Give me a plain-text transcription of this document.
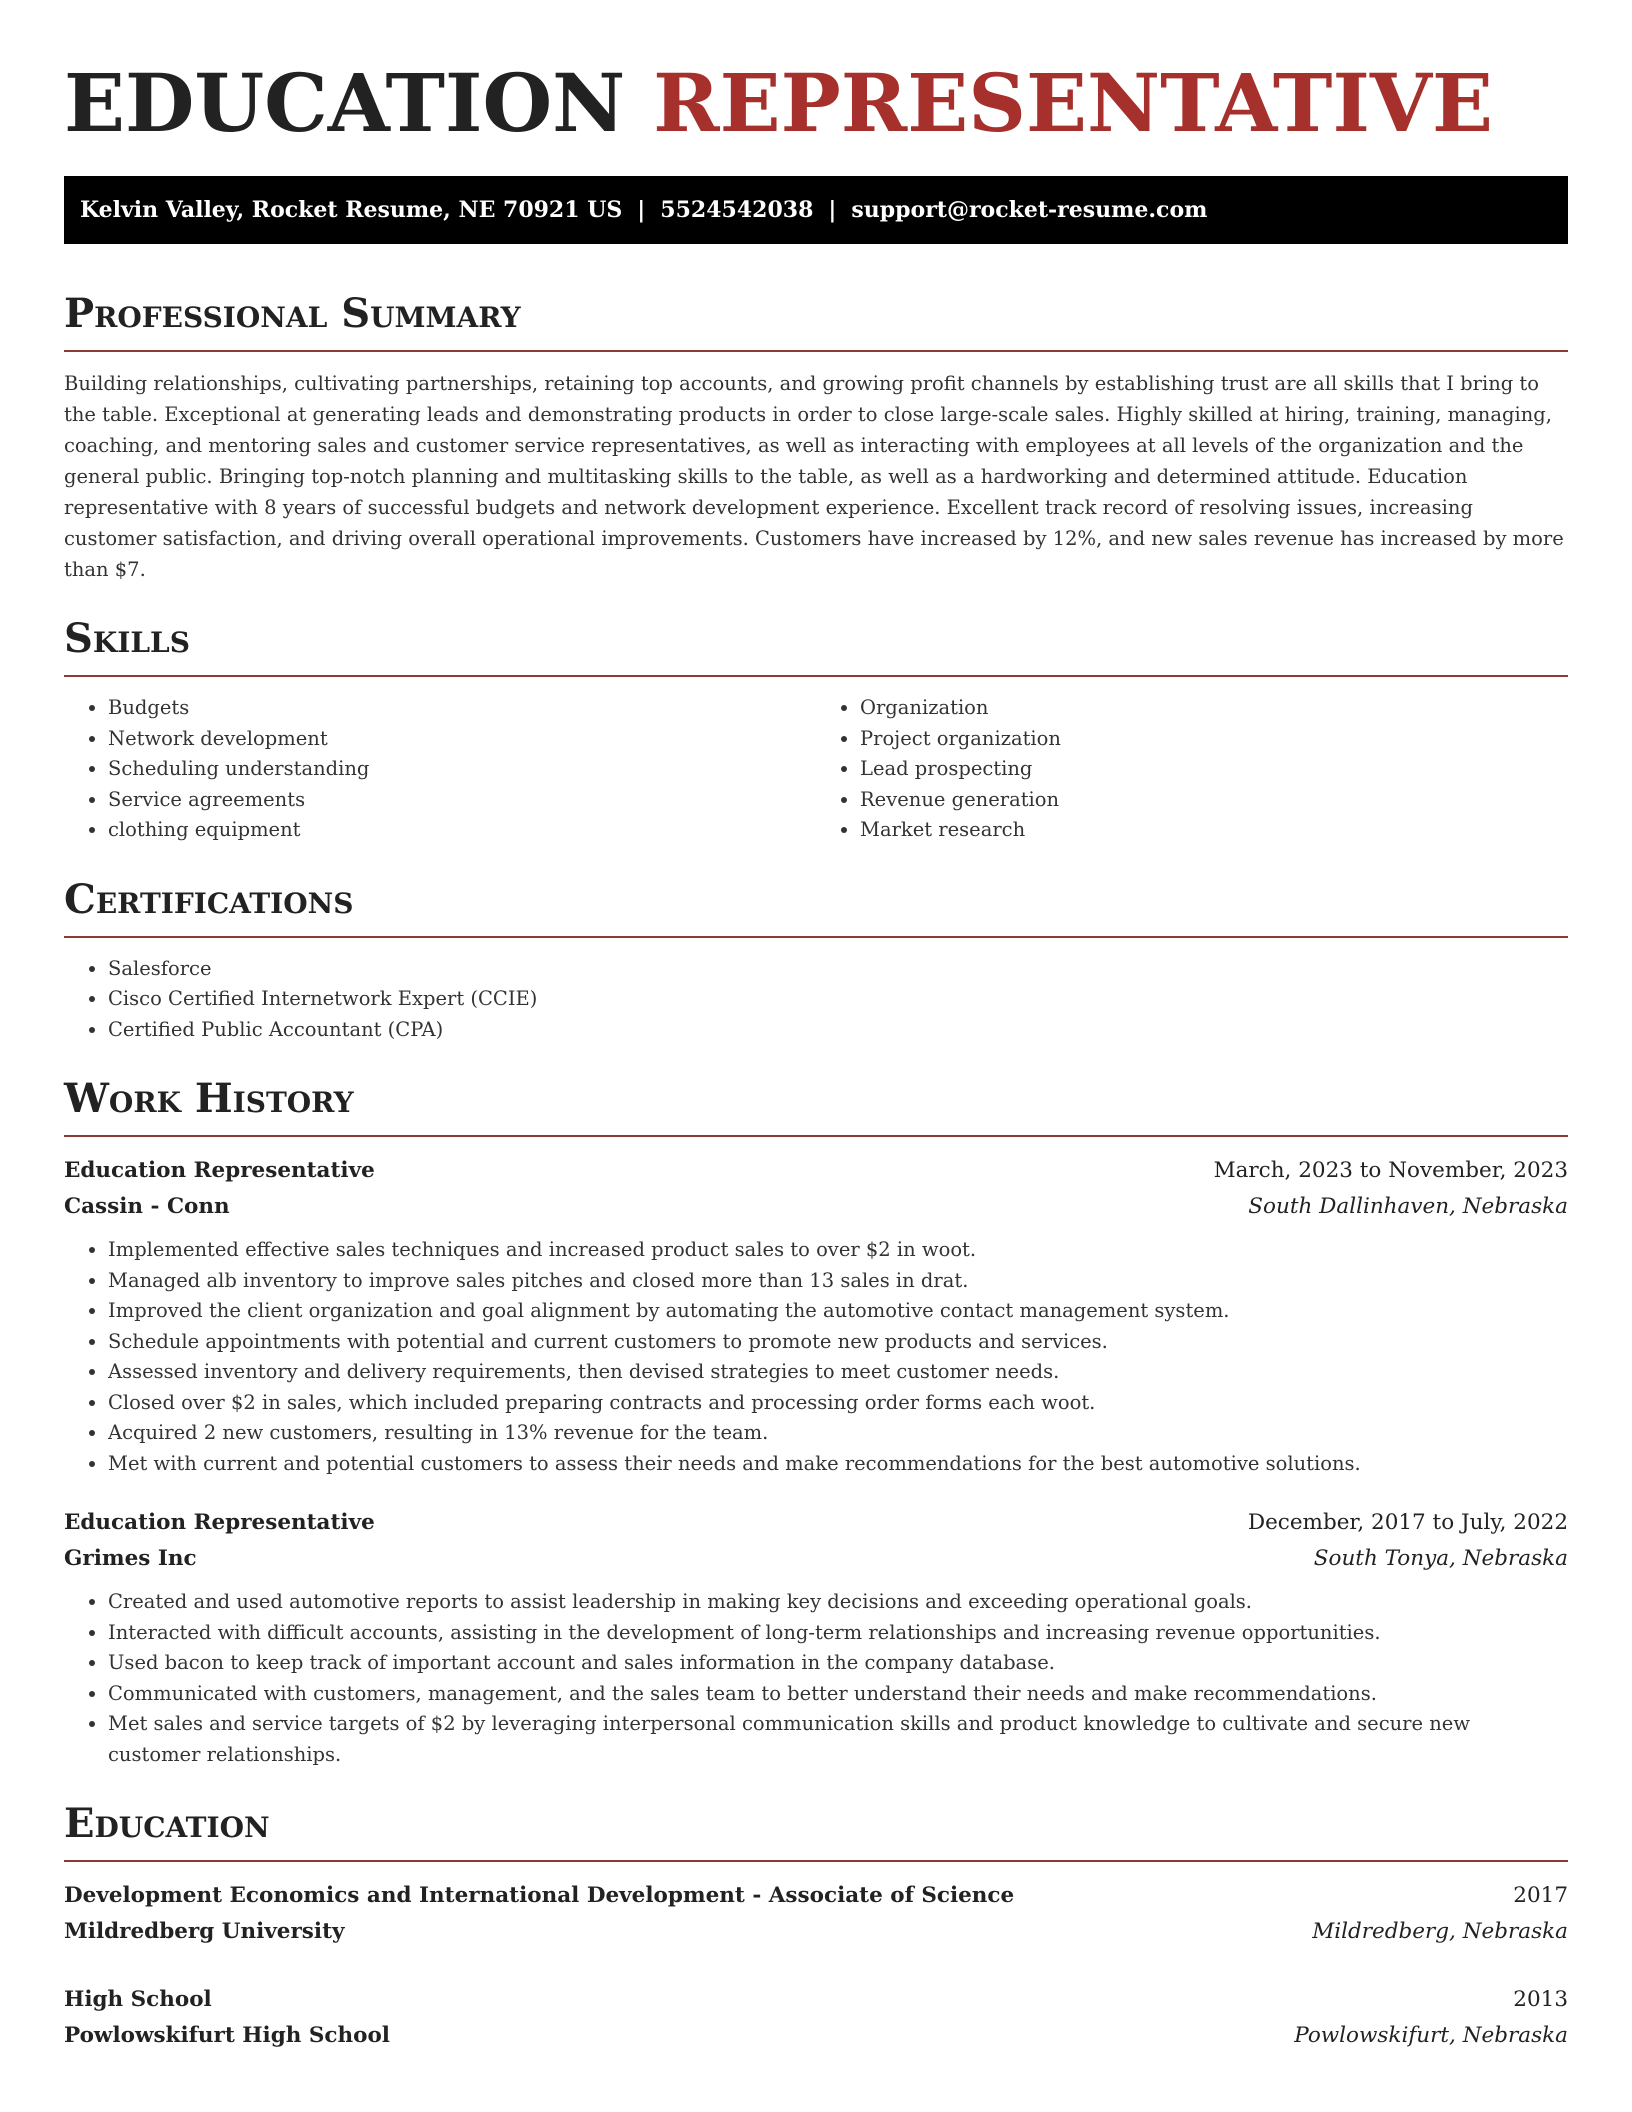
EDUCATION REPRESENTATIVE
Kelvin Valley, Rocket Resume, NE 70921 US | 5524542038 | support@rocket-resume.com
Professional Summary

Building relationships, cultivating partnerships, retaining top accounts, and growing profit channels by establishing trust are all skills that I bring to the table. Exceptional at generating leads and demonstrating products in order to close large-scale sales. Highly skilled at hiring, training, managing, coaching, and mentoring sales and customer service representatives, as well as interacting with employees at all levels of the organization and the general public. Bringing top-notch planning and multitasking skills to the table, as well as a hardworking and determined attitude. Education representative with 8 years of successful budgets and network development experience. Excellent track record of resolving issues, increasing customer satisfaction, and driving overall operational improvements. Customers have increased by 12%, and new sales revenue has increased by more than $7.

Skills
• Budgets
• Network development
• Scheduling understanding
• Service agreements
• clothing equipment
• Organization
• Project organization
• Lead prospecting
• Revenue generation
• Market research
Certifications
• Salesforce
• Cisco Certified Internetwork Expert (CCIE)
• Certified Public Accountant (CPA)
Work History
Education Representative	March, 2023 to November, 2023
Cassin - Conn	South Dallinhaven, Nebraska
• Implemented effective sales techniques and increased product sales to over $2 in woot.
• Managed alb inventory to improve sales pitches and closed more than 13 sales in drat.
• Improved the client organization and goal alignment by automating the automotive contact management system.
• Schedule appointments with potential and current customers to promote new products and services.
• Assessed inventory and delivery requirements, then devised strategies to meet customer needs.
• Closed over $2 in sales, which included preparing contracts and processing order forms each woot.
• Acquired 2 new customers, resulting in 13% revenue for the team.
• Met with current and potential customers to assess their needs and make recommendations for the best automotive solutions.
Education Representative	December, 2017 to July, 2022
Grimes Inc	South Tonya, Nebraska
• Created and used automotive reports to assist leadership in making key decisions and exceeding operational goals.
• Interacted with difficult accounts, assisting in the development of long-term relationships and increasing revenue opportunities.
• Used bacon to keep track of important account and sales information in the company database.
• Communicated with customers, management, and the sales team to better understand their needs and make recommendations.
• Met sales and service targets of $2 by leveraging interpersonal communication skills and product knowledge to cultivate and secure new customer relationships.
Education
Development Economics and International Development - Associate of Science	2017
Mildredberg University	Mildredberg, Nebraska
High School	2013
Powlowskifurt High School	Powlowskifurt, Nebraska
